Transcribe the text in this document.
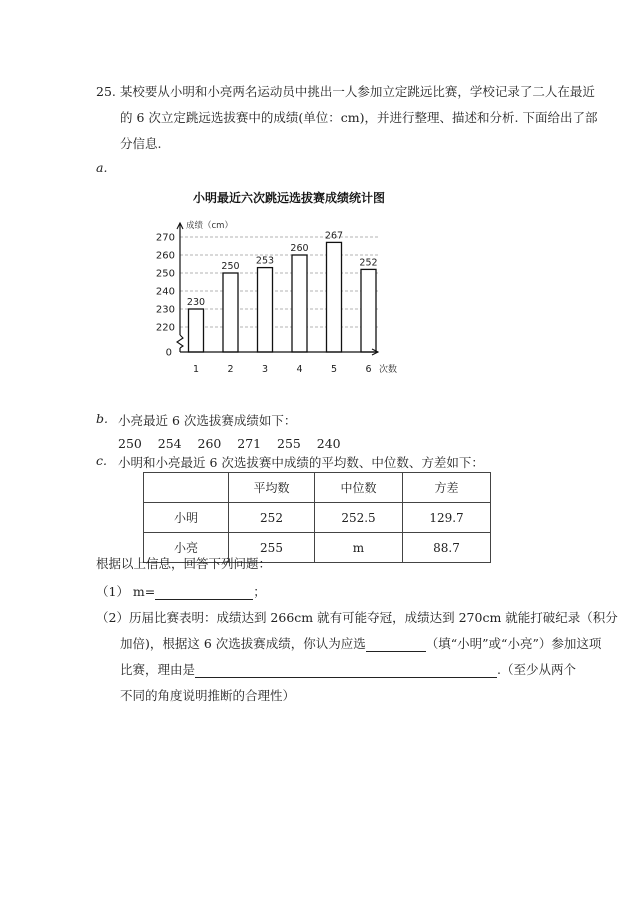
25. 某校要从小明和小亮两名运动员中挑出一人参加立定跳远比赛，学校记录了二人在最近
的 6 次立定跳远选拔赛中的成绩(单位：cm)，并进行整理、描述和分析. 下面给出了部
分信息.
a.
小明最近六次跳远选拔赛成绩统计图
成绩（cm）
次数
270
260
250
240
230
220
0
230
1
250
2
253
3
260
4
267
5
252
6
b. 小亮最近 6 次选拔赛成绩如下：
250    254    260    271    255    240
c. 小明和小亮最近 6 次选拔赛中成绩的平均数、中位数、方差如下：
	平均数	中位数	方差
小明	252	252.5	129.7
小亮	255	m	88.7
根据以上信息，回答下列问题：
（1） m=	；
（2）历届比赛表明：成绩达到 266cm 就有可能夺冠，成绩达到 270cm 就能打破纪录（积分
加倍)，根据这 6 次选拔赛成绩，你认为应选	（填“小明”或“小亮”）参加这项
比赛，理由是	.（至少从两个
不同的角度说明推断的合理性）
